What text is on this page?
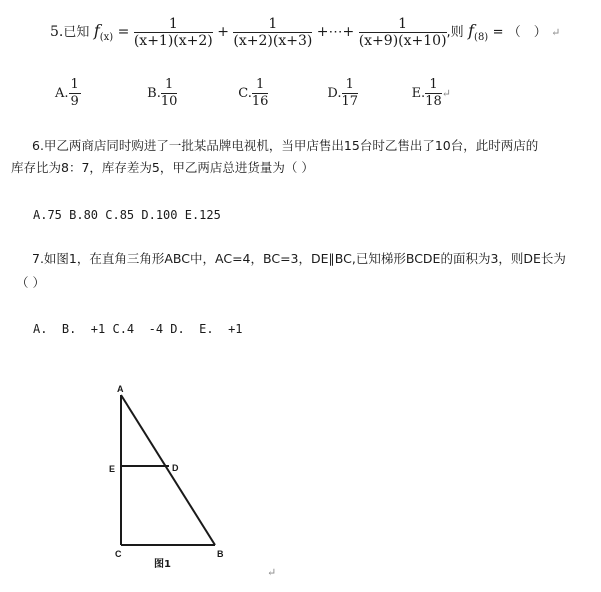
5.已知 $f_{(x)} = \frac{1}{(x+1)(x+2)} + \frac{1}{(x+2)(x+3)}$ +⋯+ $\frac{1}{(x+9)(x+10)}$ ,则 $f_{(8)}$ = （　） ↵
A. $\frac{1}{9}$	B. $\frac{1}{10}$	C. $\frac{1}{16}$	D. $\frac{1}{17}$	E. $\frac{1}{18}$ ↵
6.甲乙两商店同时购进了一批某品牌电视机，当甲店售出15台时乙售出了10台，此时两店的
库存比为8：7，库存差为5，甲乙两店总进货量为（ ）
A.75 B.80 C.85 D.100 E.125
7.如图1，在直角三角形ABC中，AC=4，BC=3，DE∥BC,已知梯形BCDE的面积为3，则DE长为
（ ）
A.  B.  +1 C.4  -4 D.  E.  +1
A
E	D
C	B
图1
↵
